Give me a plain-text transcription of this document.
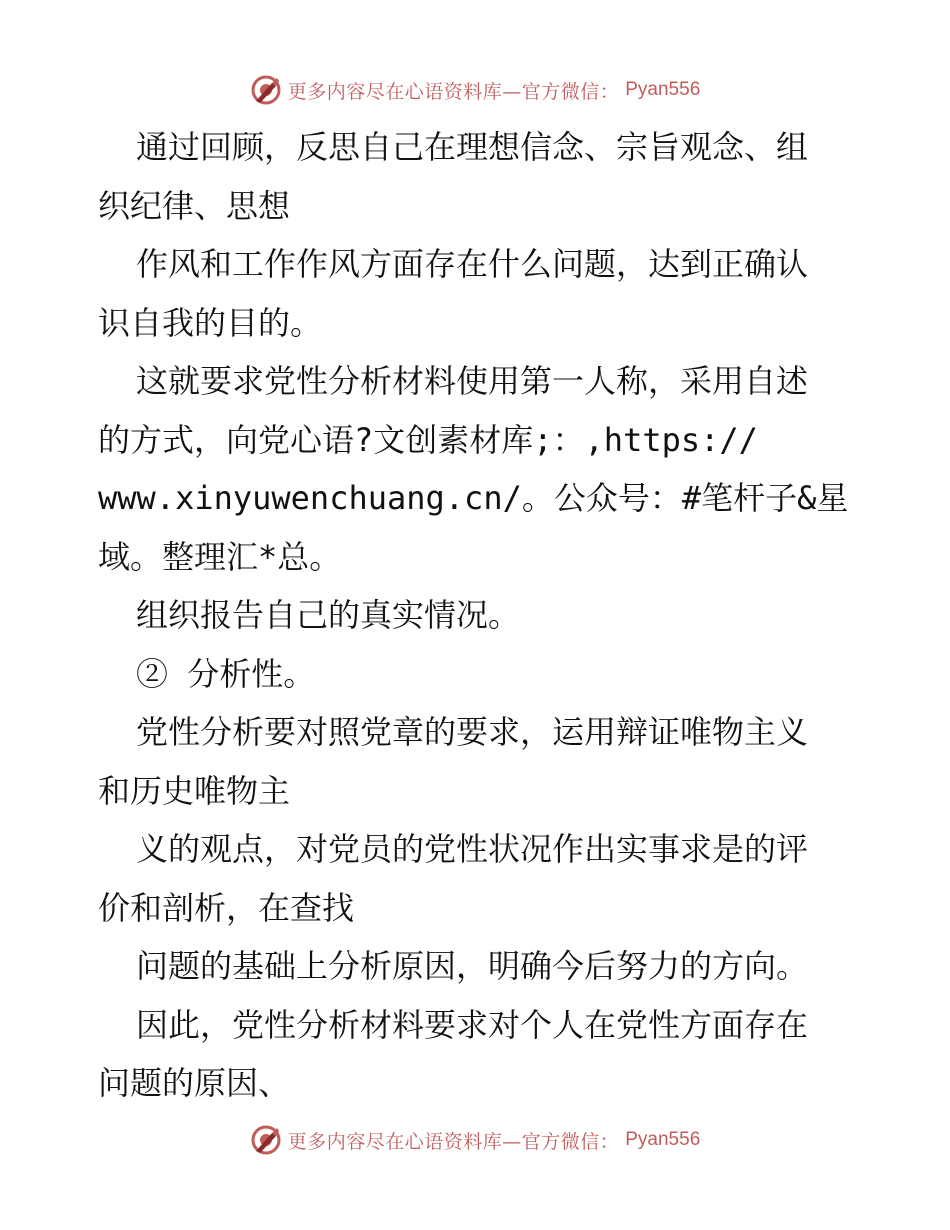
更多内容尽在心语资料库—官方微信： Pyan556
通过回顾，反思自己在理想信念、宗旨观念、组
织纪律、思想
作风和工作作风方面存在什么问题，达到正确认
识自我的目的。
这就要求党性分析材料使用第一人称，采用自述
的方式，向党心语?文创素材库;：,https://
www.xinyuwenchuang.cn/。公众号：#笔杆子&星
域。整理汇*总。
组织报告自己的真实情况。
② 分析性。
党性分析要对照党章的要求，运用辩证唯物主义
和历史唯物主
义的观点，对党员的党性状况作出实事求是的评
价和剖析，在查找
问题的基础上分析原因，明确今后努力的方向。
因此，党性分析材料要求对个人在党性方面存在
问题的原因、
更多内容尽在心语资料库—官方微信： Pyan556
